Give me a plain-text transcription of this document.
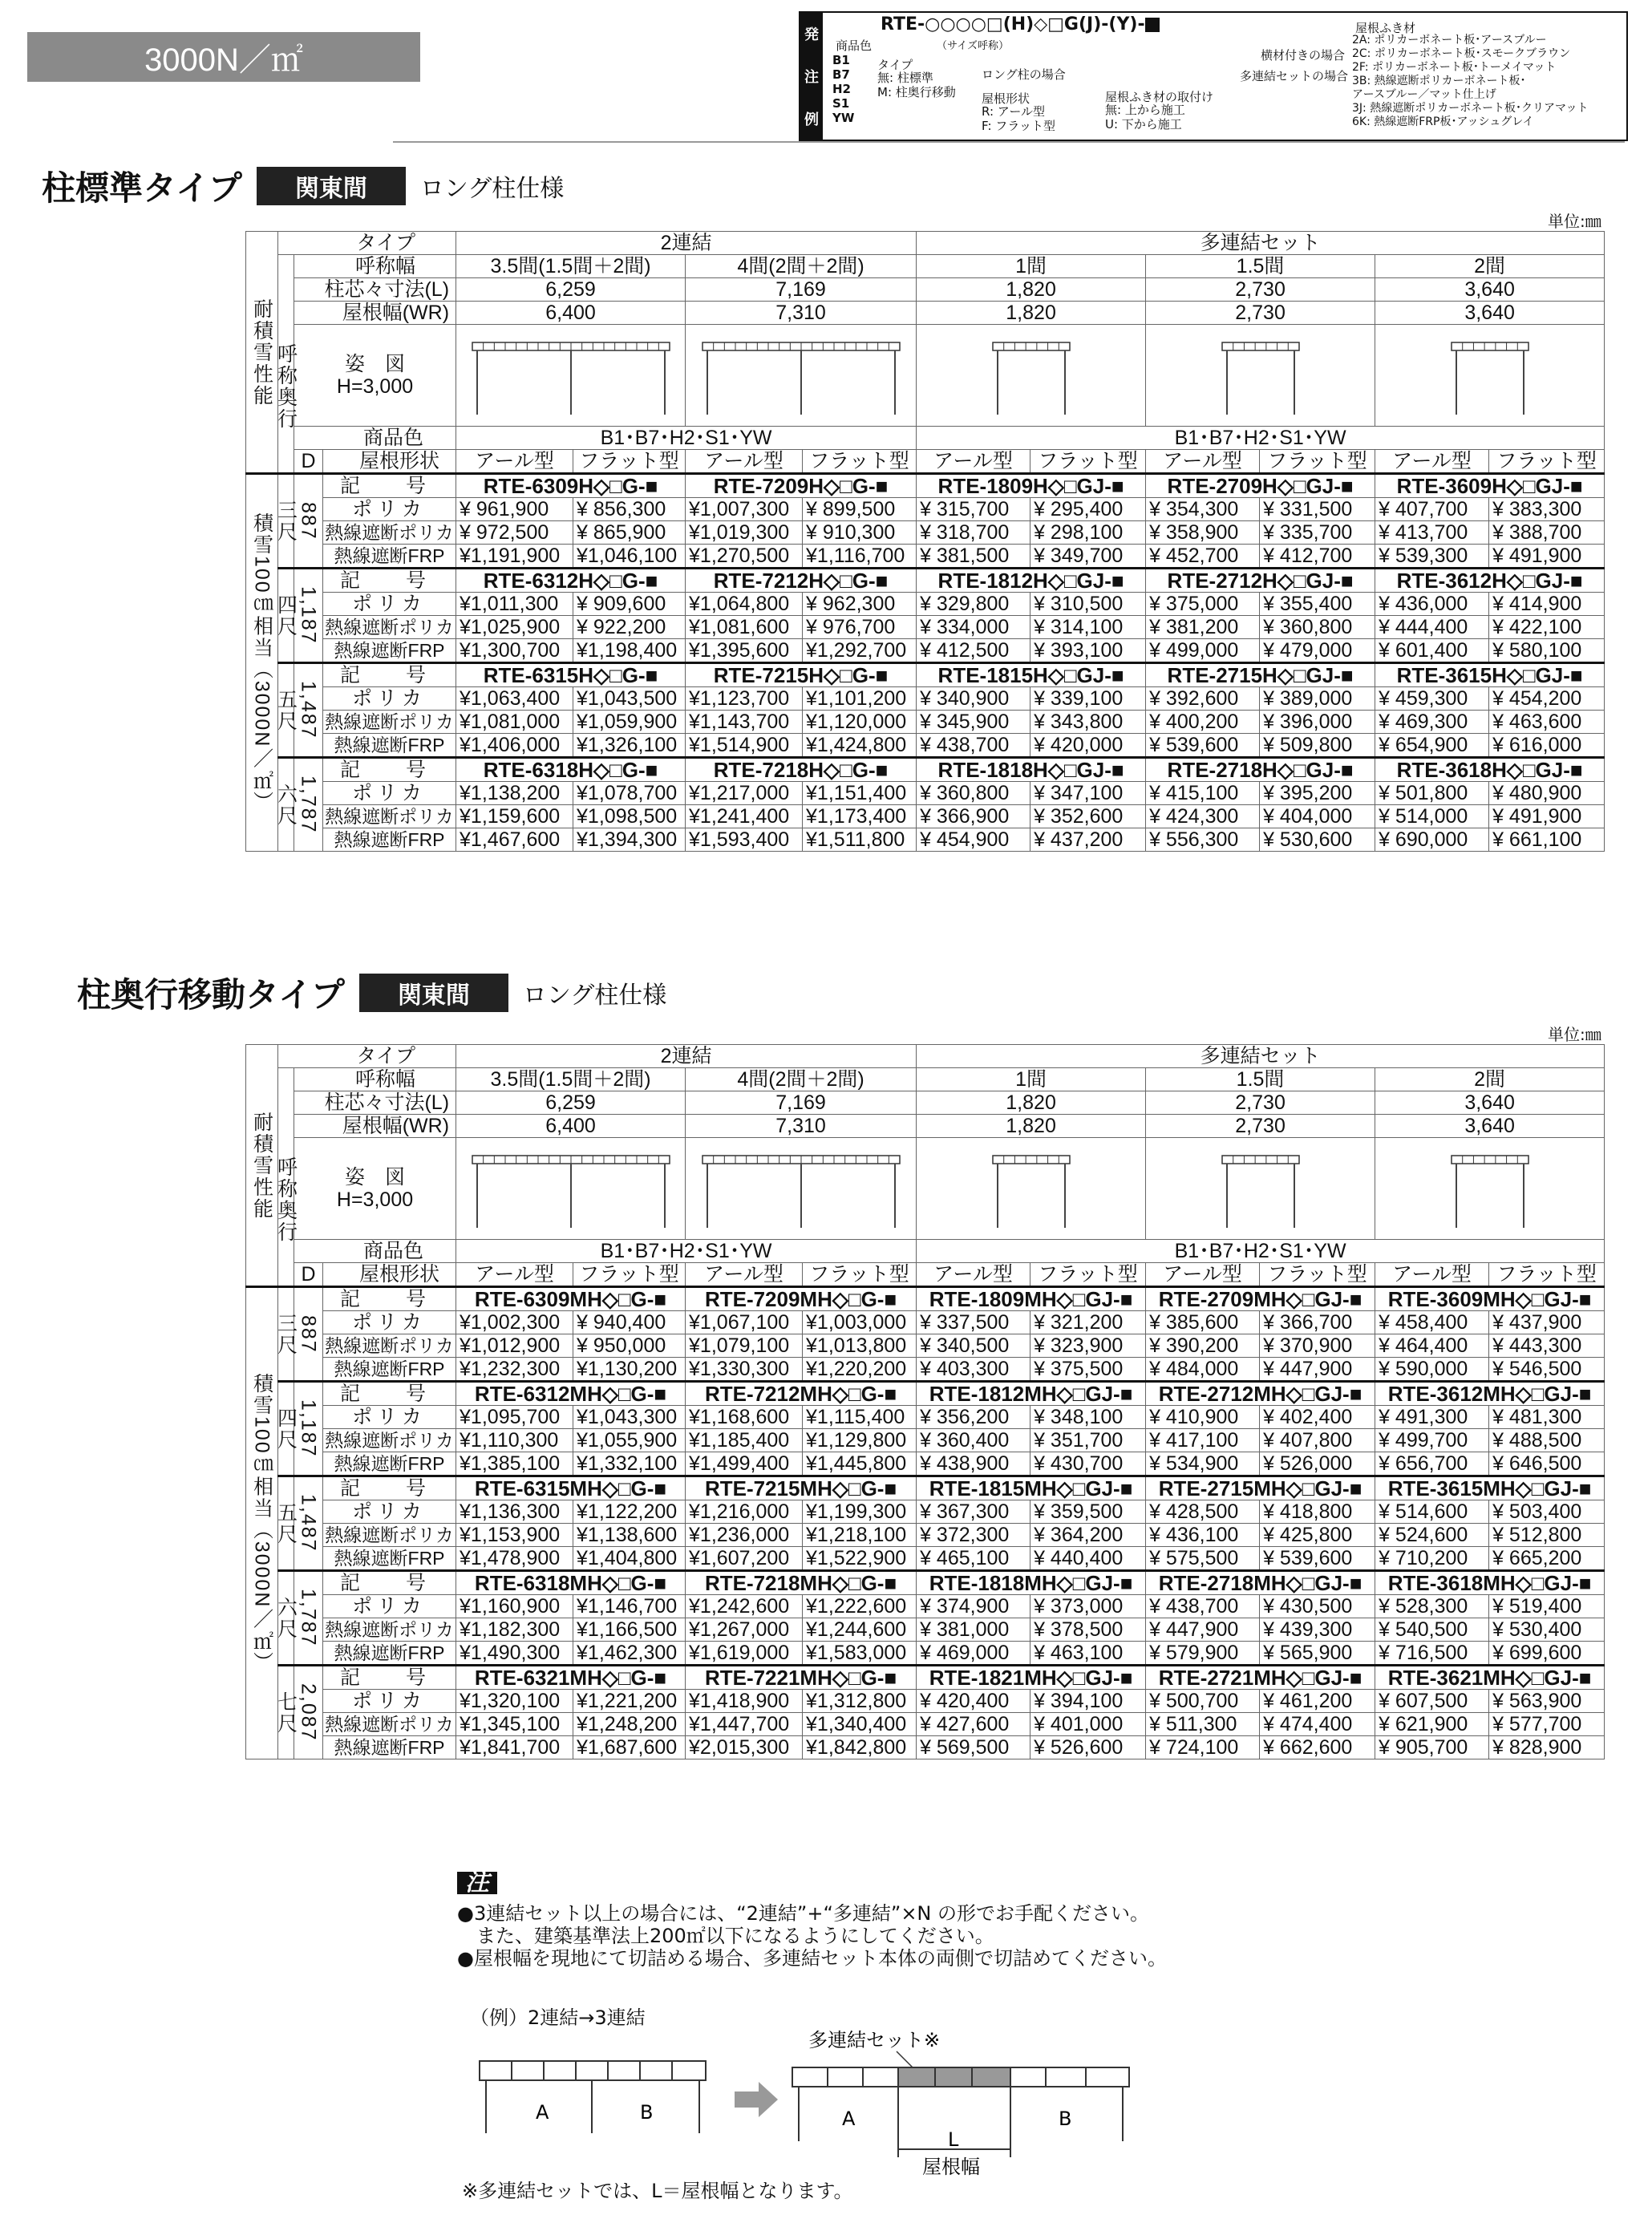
3000N／㎡
発
注
例
RTE-○○○○□(H)◇□G(J)-(Y)-
（サイズ呼称）
商品色
B1
B7
H2
S1
YW
タイプ
無: 柱標準
M: 柱奥行移動
ロング柱の場合
屋根形状
R: アール型
F: フラット型
屋根ふき材の取付け
無: 上から施工
U: 下から施工
横材付きの場合
多連結セットの場合
屋根ふき材
2A: ポリカーボネート板･アースブルー
2C: ポリカーボネート板･スモークブラウン
2F: ポリカーボネート板･トーメイマット
3B: 熱線遮断ポリカーボネート板･
アースブルー／マット仕上げ
3J: 熱線遮断ポリカーボネート板･クリアマット
6K: 熱線遮断FRP板･アッシュグレイ
柱標準タイプ	関東間	ロング柱仕様
単位:㎜
耐積雪性能	タイプ			2連結				多連結セット					
		呼称幅		3.5間(1.5間＋2間)		4間(2間＋2間)		1間		1.5間		2間	
		柱芯々寸法(L)		6,259		7,169		1,820		2,730		3,640	
	呼称奥行	屋根幅(WR)		6,400		7,310		1,820		2,730		3,640	

		姿　図
H=3,000

		商品色		B1･B7･H2･S1･YW				B1･B7･H2･S1･YW					
		D	屋根形状	アール型	フラット型	アール型	フラット型	アール型	フラット型	アール型	フラット型	アール型	フラット型
積雪100㎝相当（3000N／㎡）	三尺	887	記　号	RTE-6309H◇□G-■		RTE-7209H◇□G-■		RTE-1809H◇□GJ-■		RTE-2709H◇□GJ-■		RTE-3609H◇□GJ-■	
			ポリカ	¥ 961,900	¥ 856,300	¥1,007,300	¥ 899,500	¥ 315,700	¥ 295,400	¥ 354,300	¥ 331,500	¥ 407,700	¥ 383,300
			熱線遮断ポリカ	¥ 972,500	¥ 865,900	¥1,019,300	¥ 910,300	¥ 318,700	¥ 298,100	¥ 358,900	¥ 335,700	¥ 413,700	¥ 388,700
			熱線遮断FRP	¥1,191,900	¥1,046,100	¥1,270,500	¥1,116,700	¥ 381,500	¥ 349,700	¥ 452,700	¥ 412,700	¥ 539,300	¥ 491,900
	四尺	1,187	記　号	RTE-6312H◇□G-■		RTE-7212H◇□G-■		RTE-1812H◇□GJ-■		RTE-2712H◇□GJ-■		RTE-3612H◇□GJ-■	
			ポリカ	¥1,011,300	¥ 909,600	¥1,064,800	¥ 962,300	¥ 329,800	¥ 310,500	¥ 375,000	¥ 355,400	¥ 436,000	¥ 414,900
			熱線遮断ポリカ	¥1,025,900	¥ 922,200	¥1,081,600	¥ 976,700	¥ 334,000	¥ 314,100	¥ 381,200	¥ 360,800	¥ 444,400	¥ 422,100
			熱線遮断FRP	¥1,300,700	¥1,198,400	¥1,395,600	¥1,292,700	¥ 412,500	¥ 393,100	¥ 499,000	¥ 479,000	¥ 601,400	¥ 580,100
	五尺	1,487	記　号	RTE-6315H◇□G-■		RTE-7215H◇□G-■		RTE-1815H◇□GJ-■		RTE-2715H◇□GJ-■		RTE-3615H◇□GJ-■	
			ポリカ	¥1,063,400	¥1,043,500	¥1,123,700	¥1,101,200	¥ 340,900	¥ 339,100	¥ 392,600	¥ 389,000	¥ 459,300	¥ 454,200
			熱線遮断ポリカ	¥1,081,000	¥1,059,900	¥1,143,700	¥1,120,000	¥ 345,900	¥ 343,800	¥ 400,200	¥ 396,000	¥ 469,300	¥ 463,600
			熱線遮断FRP	¥1,406,000	¥1,326,100	¥1,514,900	¥1,424,800	¥ 438,700	¥ 420,000	¥ 539,600	¥ 509,800	¥ 654,900	¥ 616,000
	六尺	1,787	記　号	RTE-6318H◇□G-■		RTE-7218H◇□G-■		RTE-1818H◇□GJ-■		RTE-2718H◇□GJ-■		RTE-3618H◇□GJ-■	
			ポリカ	¥1,138,200	¥1,078,700	¥1,217,000	¥1,151,400	¥ 360,800	¥ 347,100	¥ 415,100	¥ 395,200	¥ 501,800	¥ 480,900
			熱線遮断ポリカ	¥1,159,600	¥1,098,500	¥1,241,400	¥1,173,400	¥ 366,900	¥ 352,600	¥ 424,300	¥ 404,000	¥ 514,000	¥ 491,900
			熱線遮断FRP	¥1,467,600	¥1,394,300	¥1,593,400	¥1,511,800	¥ 454,900	¥ 437,200	¥ 556,300	¥ 530,600	¥ 690,000	¥ 661,100
柱奥行移動タイプ	関東間	ロング柱仕様
単位:㎜
耐積雪性能	タイプ			2連結				多連結セット					
		呼称幅		3.5間(1.5間＋2間)		4間(2間＋2間)		1間		1.5間		2間	
		柱芯々寸法(L)		6,259		7,169		1,820		2,730		3,640	
	呼称奥行	屋根幅(WR)		6,400		7,310		1,820		2,730		3,640	

		姿　図
H=3,000

		商品色		B1･B7･H2･S1･YW				B1･B7･H2･S1･YW					
		D	屋根形状	アール型	フラット型	アール型	フラット型	アール型	フラット型	アール型	フラット型	アール型	フラット型
積雪100㎝相当（3000N／㎡）	三尺	887	記　号	RTE-6309MH◇□G-■		RTE-7209MH◇□G-■		RTE-1809MH◇□GJ-■		RTE-2709MH◇□GJ-■		RTE-3609MH◇□GJ-■	
			ポリカ	¥1,002,300	¥ 940,400	¥1,067,100	¥1,003,000	¥ 337,500	¥ 321,200	¥ 385,600	¥ 366,700	¥ 458,400	¥ 437,900
			熱線遮断ポリカ	¥1,012,900	¥ 950,000	¥1,079,100	¥1,013,800	¥ 340,500	¥ 323,900	¥ 390,200	¥ 370,900	¥ 464,400	¥ 443,300
			熱線遮断FRP	¥1,232,300	¥1,130,200	¥1,330,300	¥1,220,200	¥ 403,300	¥ 375,500	¥ 484,000	¥ 447,900	¥ 590,000	¥ 546,500
	四尺	1,187	記　号	RTE-6312MH◇□G-■		RTE-7212MH◇□G-■		RTE-1812MH◇□GJ-■		RTE-2712MH◇□GJ-■		RTE-3612MH◇□GJ-■	
			ポリカ	¥1,095,700	¥1,043,300	¥1,168,600	¥1,115,400	¥ 356,200	¥ 348,100	¥ 410,900	¥ 402,400	¥ 491,300	¥ 481,300
			熱線遮断ポリカ	¥1,110,300	¥1,055,900	¥1,185,400	¥1,129,800	¥ 360,400	¥ 351,700	¥ 417,100	¥ 407,800	¥ 499,700	¥ 488,500
			熱線遮断FRP	¥1,385,100	¥1,332,100	¥1,499,400	¥1,445,800	¥ 438,900	¥ 430,700	¥ 534,900	¥ 526,000	¥ 656,700	¥ 646,500
	五尺	1,487	記　号	RTE-6315MH◇□G-■		RTE-7215MH◇□G-■		RTE-1815MH◇□GJ-■		RTE-2715MH◇□GJ-■		RTE-3615MH◇□GJ-■	
			ポリカ	¥1,136,300	¥1,122,200	¥1,216,000	¥1,199,300	¥ 367,300	¥ 359,500	¥ 428,500	¥ 418,800	¥ 514,600	¥ 503,400
			熱線遮断ポリカ	¥1,153,900	¥1,138,600	¥1,236,000	¥1,218,100	¥ 372,300	¥ 364,200	¥ 436,100	¥ 425,800	¥ 524,600	¥ 512,800
			熱線遮断FRP	¥1,478,900	¥1,404,800	¥1,607,200	¥1,522,900	¥ 465,100	¥ 440,400	¥ 575,500	¥ 539,600	¥ 710,200	¥ 665,200
	六尺	1,787	記　号	RTE-6318MH◇□G-■		RTE-7218MH◇□G-■		RTE-1818MH◇□GJ-■		RTE-2718MH◇□GJ-■		RTE-3618MH◇□GJ-■	
			ポリカ	¥1,160,900	¥1,146,700	¥1,242,600	¥1,222,600	¥ 374,900	¥ 373,000	¥ 438,700	¥ 430,500	¥ 528,300	¥ 519,400
			熱線遮断ポリカ	¥1,182,300	¥1,166,500	¥1,267,000	¥1,244,600	¥ 381,000	¥ 378,500	¥ 447,900	¥ 439,300	¥ 540,500	¥ 530,400
			熱線遮断FRP	¥1,490,300	¥1,462,300	¥1,619,000	¥1,583,000	¥ 469,000	¥ 463,100	¥ 579,900	¥ 565,900	¥ 716,500	¥ 699,600
	七尺	2,087	記　号	RTE-6321MH◇□G-■		RTE-7221MH◇□G-■		RTE-1821MH◇□GJ-■		RTE-2721MH◇□GJ-■		RTE-3621MH◇□GJ-■	
			ポリカ	¥1,320,100	¥1,221,200	¥1,418,900	¥1,312,800	¥ 420,400	¥ 394,100	¥ 500,700	¥ 461,200	¥ 607,500	¥ 563,900
			熱線遮断ポリカ	¥1,345,100	¥1,248,200	¥1,447,700	¥1,340,400	¥ 427,600	¥ 401,000	¥ 511,300	¥ 474,400	¥ 621,900	¥ 577,700
			熱線遮断FRP	¥1,841,700	¥1,687,600	¥2,015,300	¥1,842,800	¥ 569,500	¥ 526,600	¥ 724,100	¥ 662,600	¥ 905,700	¥ 828,900
注

●3連結セット以上の場合には、“2連結”+“多連結”×N の形でお手配ください。

　また、建築基準法上200㎡以下になるようにしてください。

●屋根幅を現地にて切詰める場合、多連結セット本体の両側で切詰めてください。

（例）2連結→3連結
A	B
多連結セット※
A	B
L
屋根幅
※多連結セットでは、L＝屋根幅となります。
